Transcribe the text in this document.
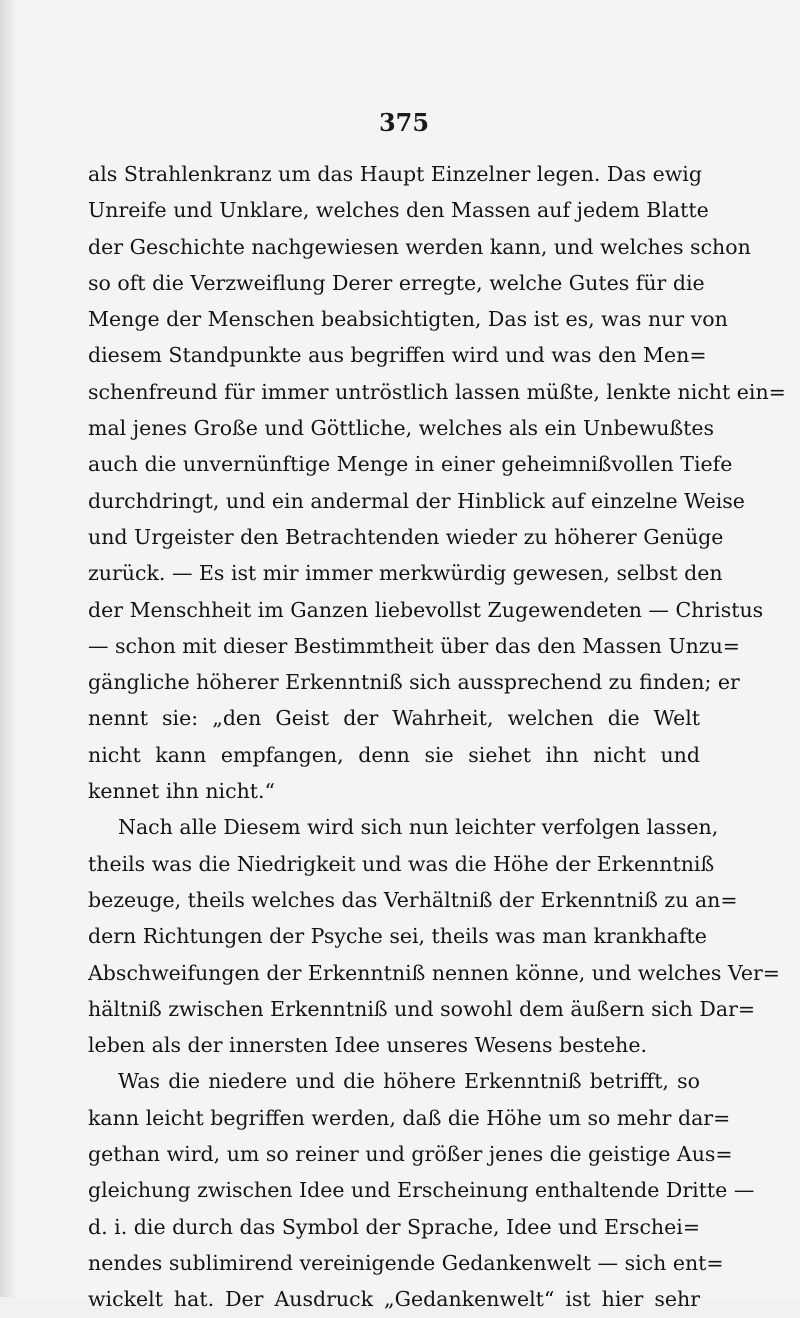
375
als Strahlenkranz um das Haupt Einzelner legen. Das ewig
Unreife und Unklare, welches den Massen auf jedem Blatte
der Geschichte nachgewiesen werden kann, und welches schon
so oft die Verzweiflung Derer erregte, welche Gutes für die
Menge der Menschen beabsichtigten, Das ist es, was nur von
diesem Standpunkte aus begriffen wird und was den Men=
schenfreund für immer untröstlich lassen müßte, lenkte nicht ein=
mal jenes Große und Göttliche, welches als ein Unbewußtes
auch die unvernünftige Menge in einer geheimnißvollen Tiefe
durchdringt, und ein andermal der Hinblick auf einzelne Weise
und Urgeister den Betrachtenden wieder zu höherer Genüge
zurück. — Es ist mir immer merkwürdig gewesen, selbst den
der Menschheit im Ganzen liebevollst Zugewendeten — Christus
— schon mit dieser Bestimmtheit über das den Massen Unzu=
gängliche höherer Erkenntniß sich aussprechend zu finden; er
nennt sie: „den Geist der Wahrheit, welchen die Welt
nicht kann empfangen, denn sie siehet ihn nicht und
kennet ihn nicht.“
Nach alle Diesem wird sich nun leichter verfolgen lassen,
theils was die Niedrigkeit und was die Höhe der Erkenntniß
bezeuge, theils welches das Verhältniß der Erkenntniß zu an=
dern Richtungen der Psyche sei, theils was man krankhafte
Abschweifungen der Erkenntniß nennen könne, und welches Ver=
hältniß zwischen Erkenntniß und sowohl dem äußern sich Dar=
leben als der innersten Idee unseres Wesens bestehe.
Was die niedere und die höhere Erkenntniß betrifft, so
kann leicht begriffen werden, daß die Höhe um so mehr dar=
gethan wird, um so reiner und größer jenes die geistige Aus=
gleichung zwischen Idee und Erscheinung enthaltende Dritte —
d. i. die durch das Symbol der Sprache, Idee und Erschei=
nendes sublimirend vereinigende Gedankenwelt — sich ent=
wickelt hat. Der Ausdruck „Gedankenwelt“ ist hier sehr
